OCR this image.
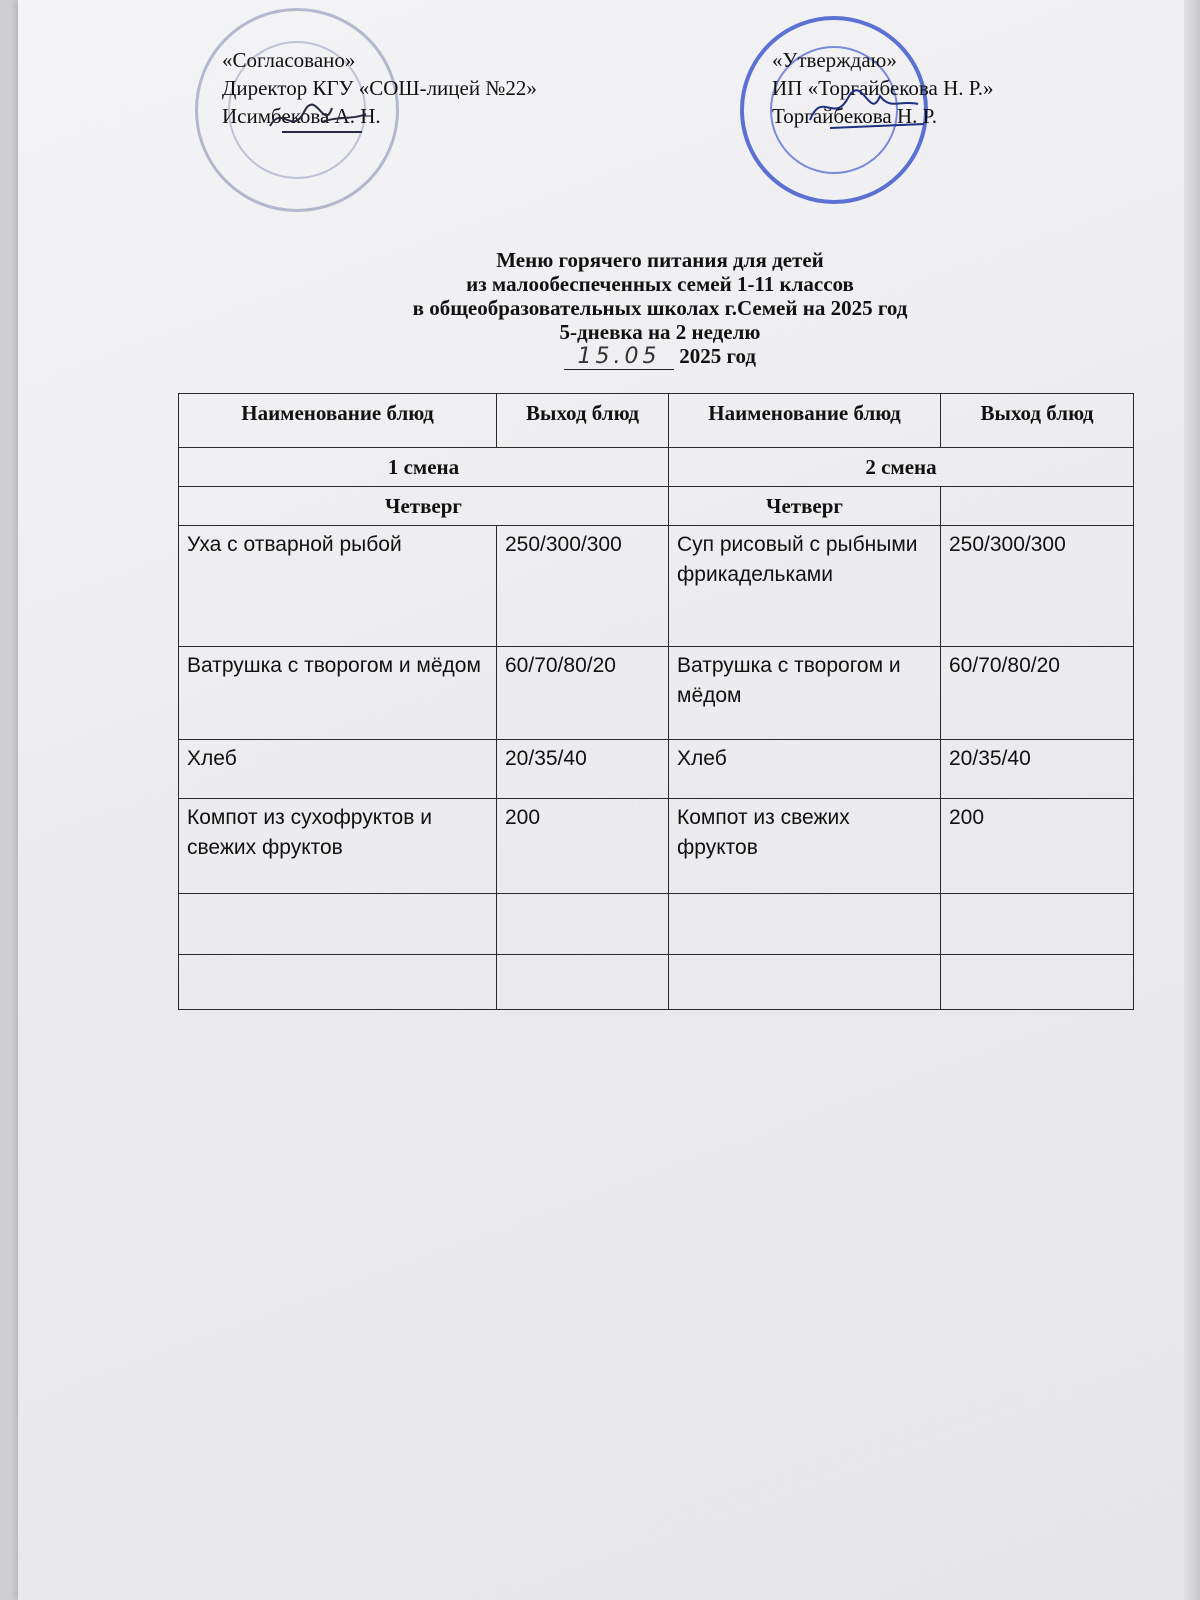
«Согласовано»
Директор КГУ «СОШ-лицей №22»
Исимбекова А. Н.
«Утверждаю»
ИП «Торгайбекова Н. Р.»
Торгайбекова Н. Р.
Меню горячего питания для детей
из малообеспеченных семей 1-11 классов
в общеобразовательных школах г.Семей на 2025 год
5-дневка на 2 неделю
15.05 2025 год
Наименование блюд	Выход блюд	Наименование блюд	Выход блюд
1 смена		2 смена	
Четверг		Четверг	
Уха с отварной рыбой	250/300/300	Суп рисовый с рыбными фрикадельками	250/300/300
Ватрушка с творогом и мёдом	60/70/80/20	Ватрушка с творогом и мёдом	60/70/80/20
Хлеб	20/35/40	Хлеб	20/35/40
Компот из сухофруктов и свежих фруктов	200	Компот из свежих фруктов	200
